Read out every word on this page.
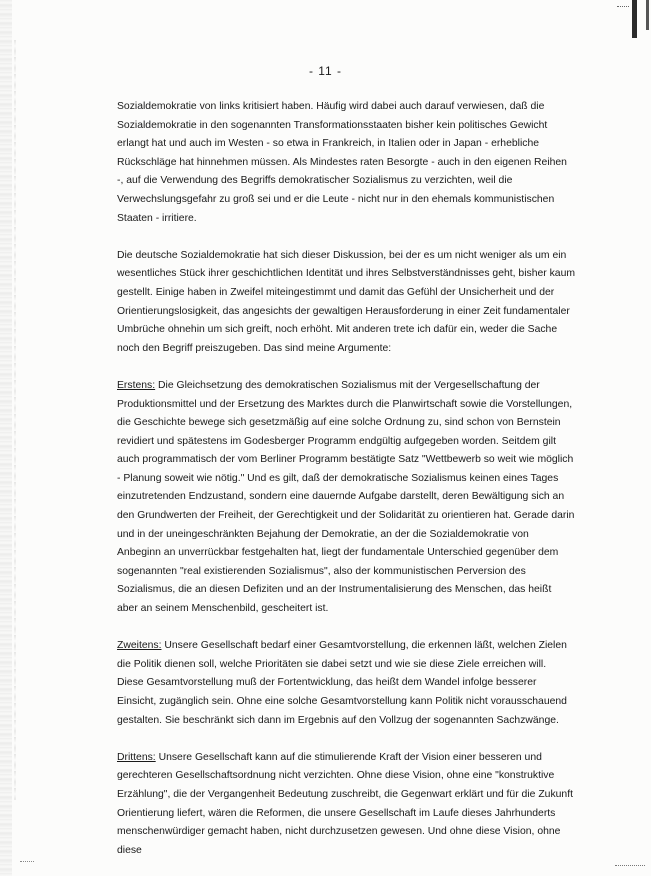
- 11 -

Sozialdemokratie von links kritisiert haben. Häufig wird dabei auch darauf verwiesen, daß die Sozialdemokratie in den sogenannten Transformationsstaaten bisher kein politisches Gewicht erlangt hat und auch im Westen - so etwa in Frankreich, in Italien oder in Japan - erhebliche Rückschläge hat hinnehmen müssen. Als Mindestes raten Besorgte - auch in den eigenen Reihen -, auf die Verwendung des Begriffs demokratischer Sozialismus zu verzichten, weil die Verwechslungsgefahr zu groß sei und er die Leute - nicht nur in den ehemals kommunistischen Staaten - irritiere.

Die deutsche Sozialdemokratie hat sich dieser Diskussion, bei der es um nicht weniger als um ein wesentliches Stück ihrer geschichtlichen Identität und ihres Selbstverständnisses geht, bisher kaum gestellt. Einige haben in Zweifel miteingestimmt und damit das Gefühl der Unsicherheit und der Orientierungslosigkeit, das angesichts der gewaltigen Herausforderung in einer Zeit fundamentaler Umbrüche ohnehin um sich greift, noch erhöht. Mit anderen trete ich dafür ein, weder die Sache noch den Begriff preiszugeben. Das sind meine Argumente:

Erstens: Die Gleichsetzung des demokratischen Sozialismus mit der Vergesellschaftung der Produktionsmittel und der Ersetzung des Marktes durch die Planwirtschaft sowie die Vorstellungen, die Geschichte bewege sich gesetzmäßig auf eine solche Ordnung zu, sind schon von Bernstein revidiert und spätestens im Godesberger Programm endgültig aufgegeben worden. Seitdem gilt auch programmatisch der vom Berliner Programm bestätigte Satz "Wettbewerb so weit wie möglich - Planung soweit wie nötig." Und es gilt, daß der demokratische Sozialismus keinen eines Tages einzutretenden Endzustand, sondern eine dauernde Aufgabe darstellt, deren Bewältigung sich an den Grundwerten der Freiheit, der Gerechtigkeit und der Solidarität zu orientieren hat. Gerade darin und in der uneingeschränkten Bejahung der Demokratie, an der die Sozialdemokratie von Anbeginn an unverrückbar festgehalten hat, liegt der fundamentale Unterschied gegenüber dem sogenannten "real existierenden Sozialismus", also der kommunistischen Perversion des Sozialismus, die an diesen Defiziten und an der Instrumentalisierung des Menschen, das heißt aber an seinem Menschenbild, gescheitert ist.

Zweitens: Unsere Gesellschaft bedarf einer Gesamtvorstellung, die erkennen läßt, welchen Zielen die Politik dienen soll, welche Prioritäten sie dabei setzt und wie sie diese Ziele erreichen will. Diese Gesamtvorstellung muß der Fortentwicklung, das heißt dem Wandel infolge besserer Einsicht, zugänglich sein. Ohne eine solche Gesamtvorstellung kann Politik nicht vorausschauend gestalten. Sie beschränkt sich dann im Ergebnis auf den Vollzug der sogenannten Sachzwänge.

Drittens: Unsere Gesellschaft kann auf die stimulierende Kraft der Vision einer besseren und gerechteren Gesellschaftsordnung nicht verzichten. Ohne diese Vision, ohne eine "konstruktive Erzählung", die der Vergangenheit Bedeutung zuschreibt, die Gegenwart erklärt und für die Zukunft Orientierung liefert, wären die Reformen, die unsere Gesellschaft im Laufe dieses Jahrhunderts menschenwürdiger gemacht haben, nicht durchzusetzen gewesen. Und ohne diese Vision, ohne diese
